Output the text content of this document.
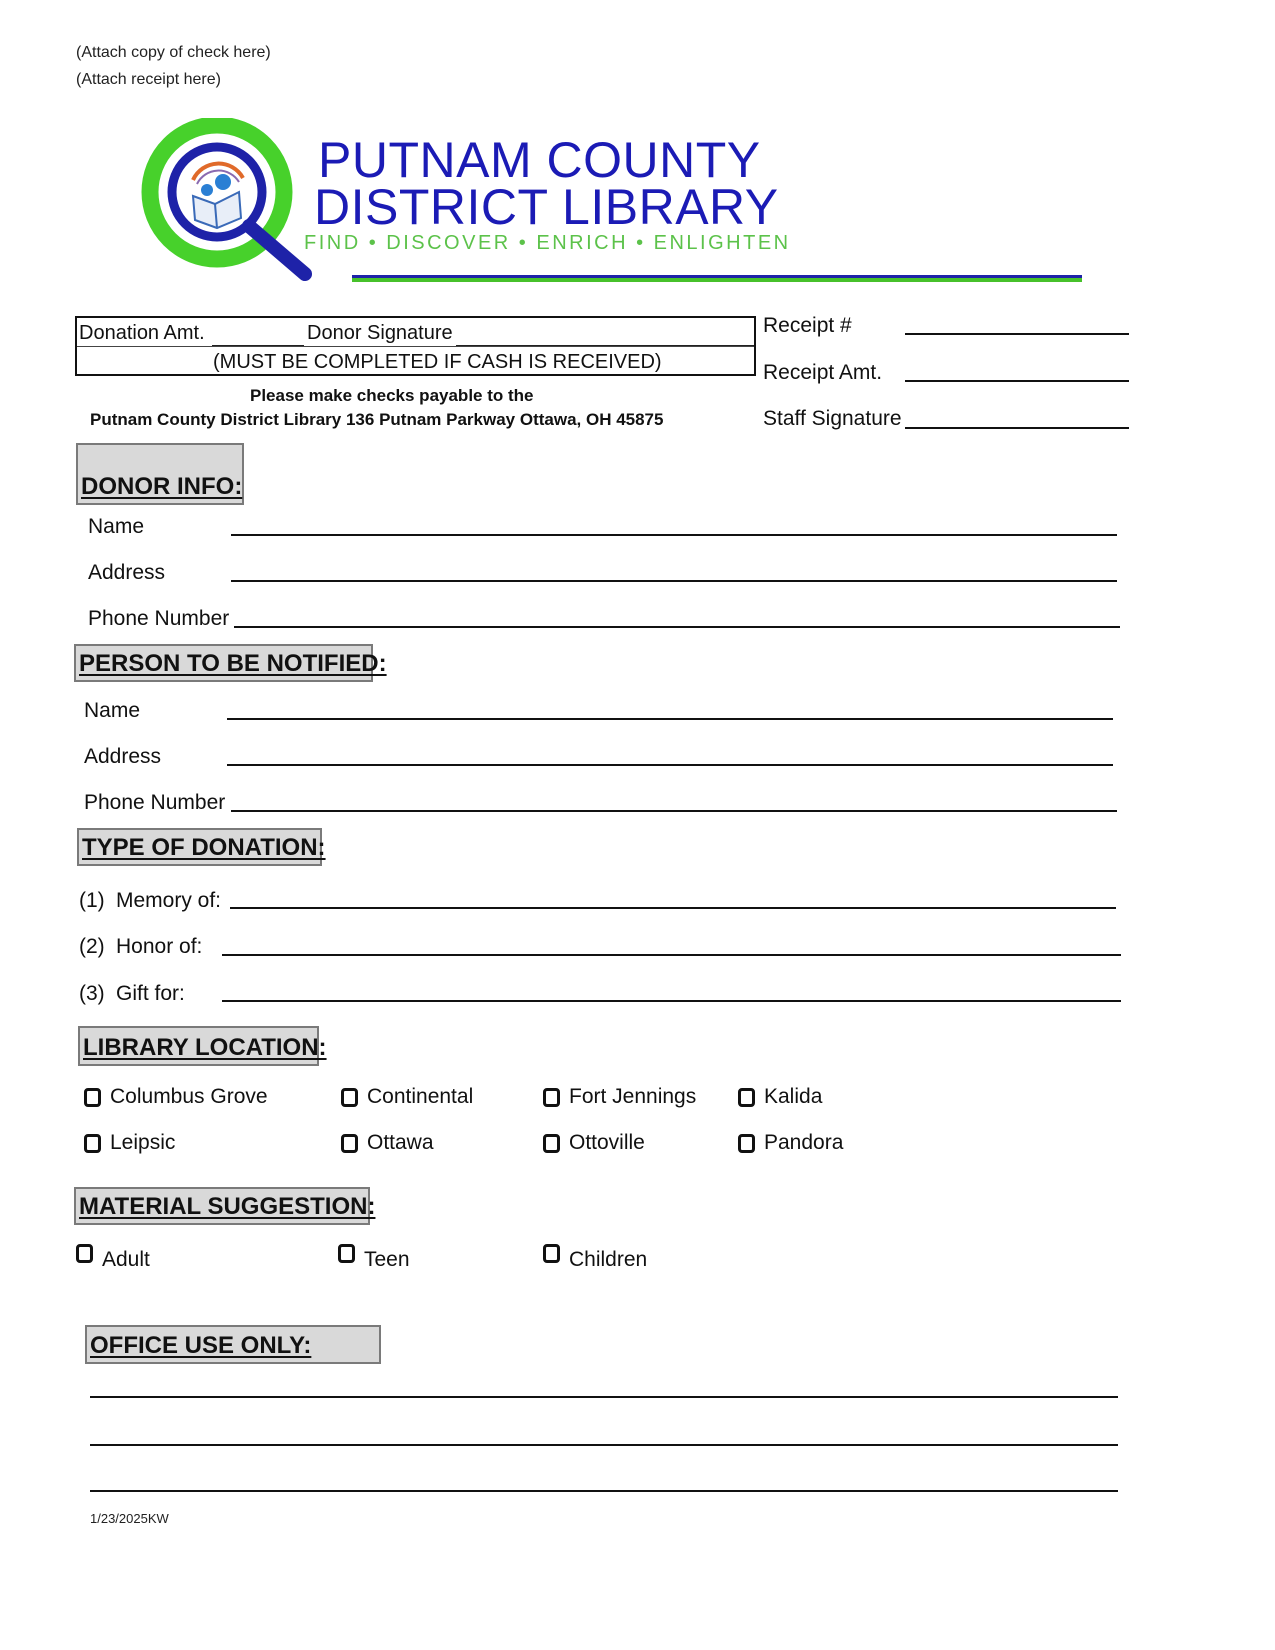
(Attach copy of check here)
(Attach receipt here)
PUTNAM COUNTY
DISTRICT LIBRARY
FIND • DISCOVER • ENRICH • ENLIGHTEN
Donation Amt.	Donor Signature
(MUST BE COMPLETED IF CASH IS RECEIVED)
Please make checks payable to the
Putnam County District Library 136 Putnam Parkway Ottawa, OH 45875
Receipt #
Receipt Amt.
Staff Signature
DONOR INFO:
Name
Address
Phone Number
PERSON TO BE NOTIFIED:
Name
Address
Phone Number
TYPE OF DONATION:
(1) Memory of:
(2) Honor of:
(3) Gift for:
LIBRARY LOCATION:
Columbus Grove	Continental	Fort Jennings	Kalida
Leipsic	Ottawa	Ottoville	Pandora
MATERIAL SUGGESTION:
Adult	Teen	Children
OFFICE USE ONLY:
1/23/2025KW
